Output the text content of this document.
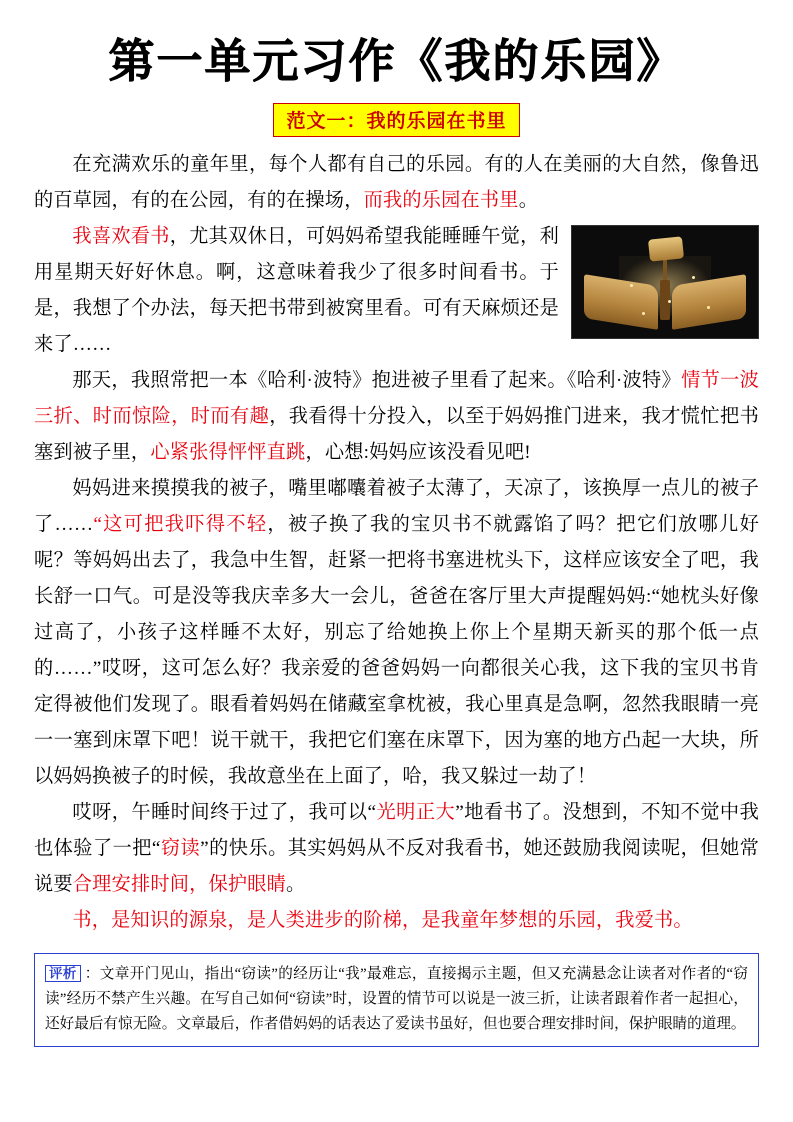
第一单元习作《我的乐园》
范文一：我的乐园在书里

在充满欢乐的童年里，每个人都有自己的乐园。有的人在美丽的大自然，像鲁迅的百草园，有的在公园，有的在操场，而我的乐园在书里。

我喜欢看书，尤其双休日，可妈妈希望我能睡睡午觉，利用星期天好好休息。啊，这意味着我少了很多时间看书。于是，我想了个办法，每天把书带到被窝里看。可有天麻烦还是来了……

那天，我照常把一本《哈利·波特》抱进被子里看了起来。《哈利·波特》情节一波三折、时而惊险，时而有趣，我看得十分投入，以至于妈妈推门进来，我才慌忙把书塞到被子里，心紧张得怦怦直跳，心想:妈妈应该没看见吧!

妈妈进来摸摸我的被子，嘴里嘟囔着被子太薄了，天凉了，该换厚一点儿的被子了……“这可把我吓得不轻，被子换了我的宝贝书不就露馅了吗？把它们放哪儿好呢？等妈妈出去了，我急中生智，赶紧一把将书塞进枕头下，这样应该安全了吧，我长舒一口气。可是没等我庆幸多大一会儿，爸爸在客厅里大声提醒妈妈:“她枕头好像过高了，小孩子这样睡不太好，别忘了给她换上你上个星期天新买的那个低一点的……”哎呀，这可怎么好？我亲爱的爸爸妈妈一向都很关心我，这下我的宝贝书肯定得被他们发现了。眼看着妈妈在储藏室拿枕被，我心里真是急啊，忽然我眼睛一亮一一塞到床罩下吧！说干就干，我把它们塞在床罩下，因为塞的地方凸起一大块，所以妈妈换被子的时候，我故意坐在上面了，哈，我又躲过一劫了！

哎呀，午睡时间终于过了，我可以“光明正大”地看书了。没想到，不知不觉中我也体验了一把“窃读”的快乐。其实妈妈从不反对我看书，她还鼓励我阅读呢，但她常说要合理安排时间，保护眼睛。

书，是知识的源泉，是人类进步的阶梯，是我童年梦想的乐园，我爱书。

评析 ：文章开门见山，指出“窃读”的经历让“我”最难忘，直接揭示主题，但又充满悬念让读者对作者的“窃读”经历不禁产生兴趣。在写自己如何“窃读”时，设置的情节可以说是一波三折，让读者跟着作者一起担心，还好最后有惊无险。文章最后，作者借妈妈的话表达了爱读书虽好，但也要合理安排时间，保护眼睛的道理。
